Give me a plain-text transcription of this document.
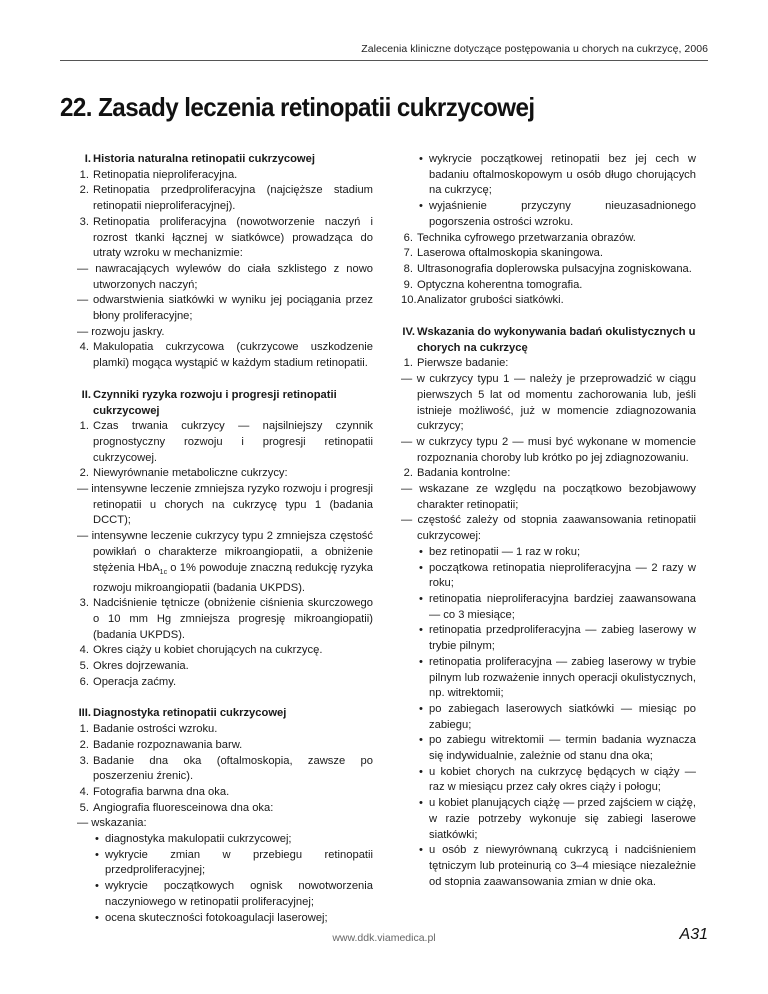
Zalecenia kliniczne dotyczące postępowania u chorych na cukrzycę, 2006
22. Zasady leczenia retinopatii cukrzycowej
I. Historia naturalna retinopatii cukrzycowej
1. Retinopatia nieproliferacyjna.
2. Retinopatia przedproliferacyjna (najcięższe stadium retinopatii nieproliferacyjnej).
3. Retinopatia proliferacyjna (nowotworzenie naczyń i rozrost tkanki łącznej w siatkówce) prowadząca do utraty wzroku w mechanizmie:
— nawracających wylewów do ciała szklistego z nowo utworzonych naczyń;
— odwarstwienia siatkówki w wyniku jej pociągania przez błony proliferacyjne;
— rozwoju jaskry.
4. Makulopatia cukrzycowa (cukrzycowe uszkodzenie plamki) mogąca wystąpić w każdym stadium retinopatii.
II. Czynniki ryzyka rozwoju i progresji retinopatii cukrzycowej
1. Czas trwania cukrzycy — najsilniejszy czynnik prognostyczny rozwoju i progresji retinopatii cukrzycowej.
2. Niewyrównanie metaboliczne cukrzycy:
— intensywne leczenie zmniejsza ryzyko rozwoju i progresji retinopatii u chorych na cukrzycę typu 1 (badania DCCT);
— intensywne leczenie cukrzycy typu 2 zmniejsza częstość powikłań o charakterze mikroangiopatii, a obniżenie stężenia HbA$_{1c}$ o 1% powoduje znaczną redukcję ryzyka rozwoju mikroangiopatii (badania UKPDS).
3. Nadciśnienie tętnicze (obniżenie ciśnienia skurczowego o 10 mm Hg zmniejsza progresję mikroangiopatii) (badania UKPDS).
4. Okres ciąży u kobiet chorujących na cukrzycę.
5. Okres dojrzewania.
6. Operacja zaćmy.
III. Diagnostyka retinopatii cukrzycowej
1. Badanie ostrości wzroku.
2. Badanie rozpoznawania barw.
3. Badanie dna oka (oftalmoskopia, zawsze po poszerzeniu źrenic).
4. Fotografia barwna dna oka.
5. Angiografia fluoresceinowa dna oka:
— wskazania:
• diagnostyka makulopatii cukrzycowej;
• wykrycie zmian w przebiegu retinopatii przedproliferacyjnej;
• wykrycie początkowych ognisk nowotworzenia naczyniowego w retinopatii proliferacyjnej;
• ocena skuteczności fotokoagulacji laserowej;
• wykrycie początkowej retinopatii bez jej cech w badaniu oftalmoskopowym u osób długo chorujących na cukrzycę;
• wyjaśnienie przyczyny nieuzasadnionego pogorszenia ostrości wzroku.
6. Technika cyfrowego przetwarzania obrazów.
7. Laserowa oftalmoskopia skaningowa.
8. Ultrasonografia doplerowska pulsacyjna zogniskowana.
9. Optyczna koherentna tomografia.
10. Analizator grubości siatkówki.
IV. Wskazania do wykonywania badań okulistycznych u chorych na cukrzycę
1. Pierwsze badanie:
— w cukrzycy typu 1 — należy je przeprowadzić w ciągu pierwszych 5 lat od momentu zachorowania lub, jeśli istnieje możliwość, już w momencie zdiagnozowania cukrzycy;
— w cukrzycy typu 2 — musi być wykonane w momencie rozpoznania choroby lub krótko po jej zdiagnozowaniu.
2. Badania kontrolne:
— wskazane ze względu na początkowo bezobjawowy charakter retinopatii;
— częstość zależy od stopnia zaawansowania retinopatii cukrzycowej:
• bez retinopatii — 1 raz w roku;
• początkowa retinopatia nieproliferacyjna — 2 razy w roku;
• retinopatia nieproliferacyjna bardziej zaawansowana — co 3 miesiące;
• retinopatia przedproliferacyjna — zabieg laserowy w trybie pilnym;
• retinopatia proliferacyjna — zabieg laserowy w trybie pilnym lub rozważenie innych operacji okulistycznych, np. witrektomii;
• po zabiegach laserowych siatkówki — miesiąc po zabiegu;
• po zabiegu witrektomii — termin badania wyznacza się indywidualnie, zależnie od stanu dna oka;
• u kobiet chorych na cukrzycę będących w ciąży — raz w miesiącu przez cały okres ciąży i połogu;
• u kobiet planujących ciążę — przed zajściem w ciążę, w razie potrzeby wykonuje się zabiegi laserowe siatkówki;
• u osób z niewyrównaną cukrzycą i nadciśnieniem tętniczym lub proteinurią co 3–4 miesiące niezależnie od stopnia zaawansowania zmian w dnie oka.
www.ddk.viamedica.pl	A31
